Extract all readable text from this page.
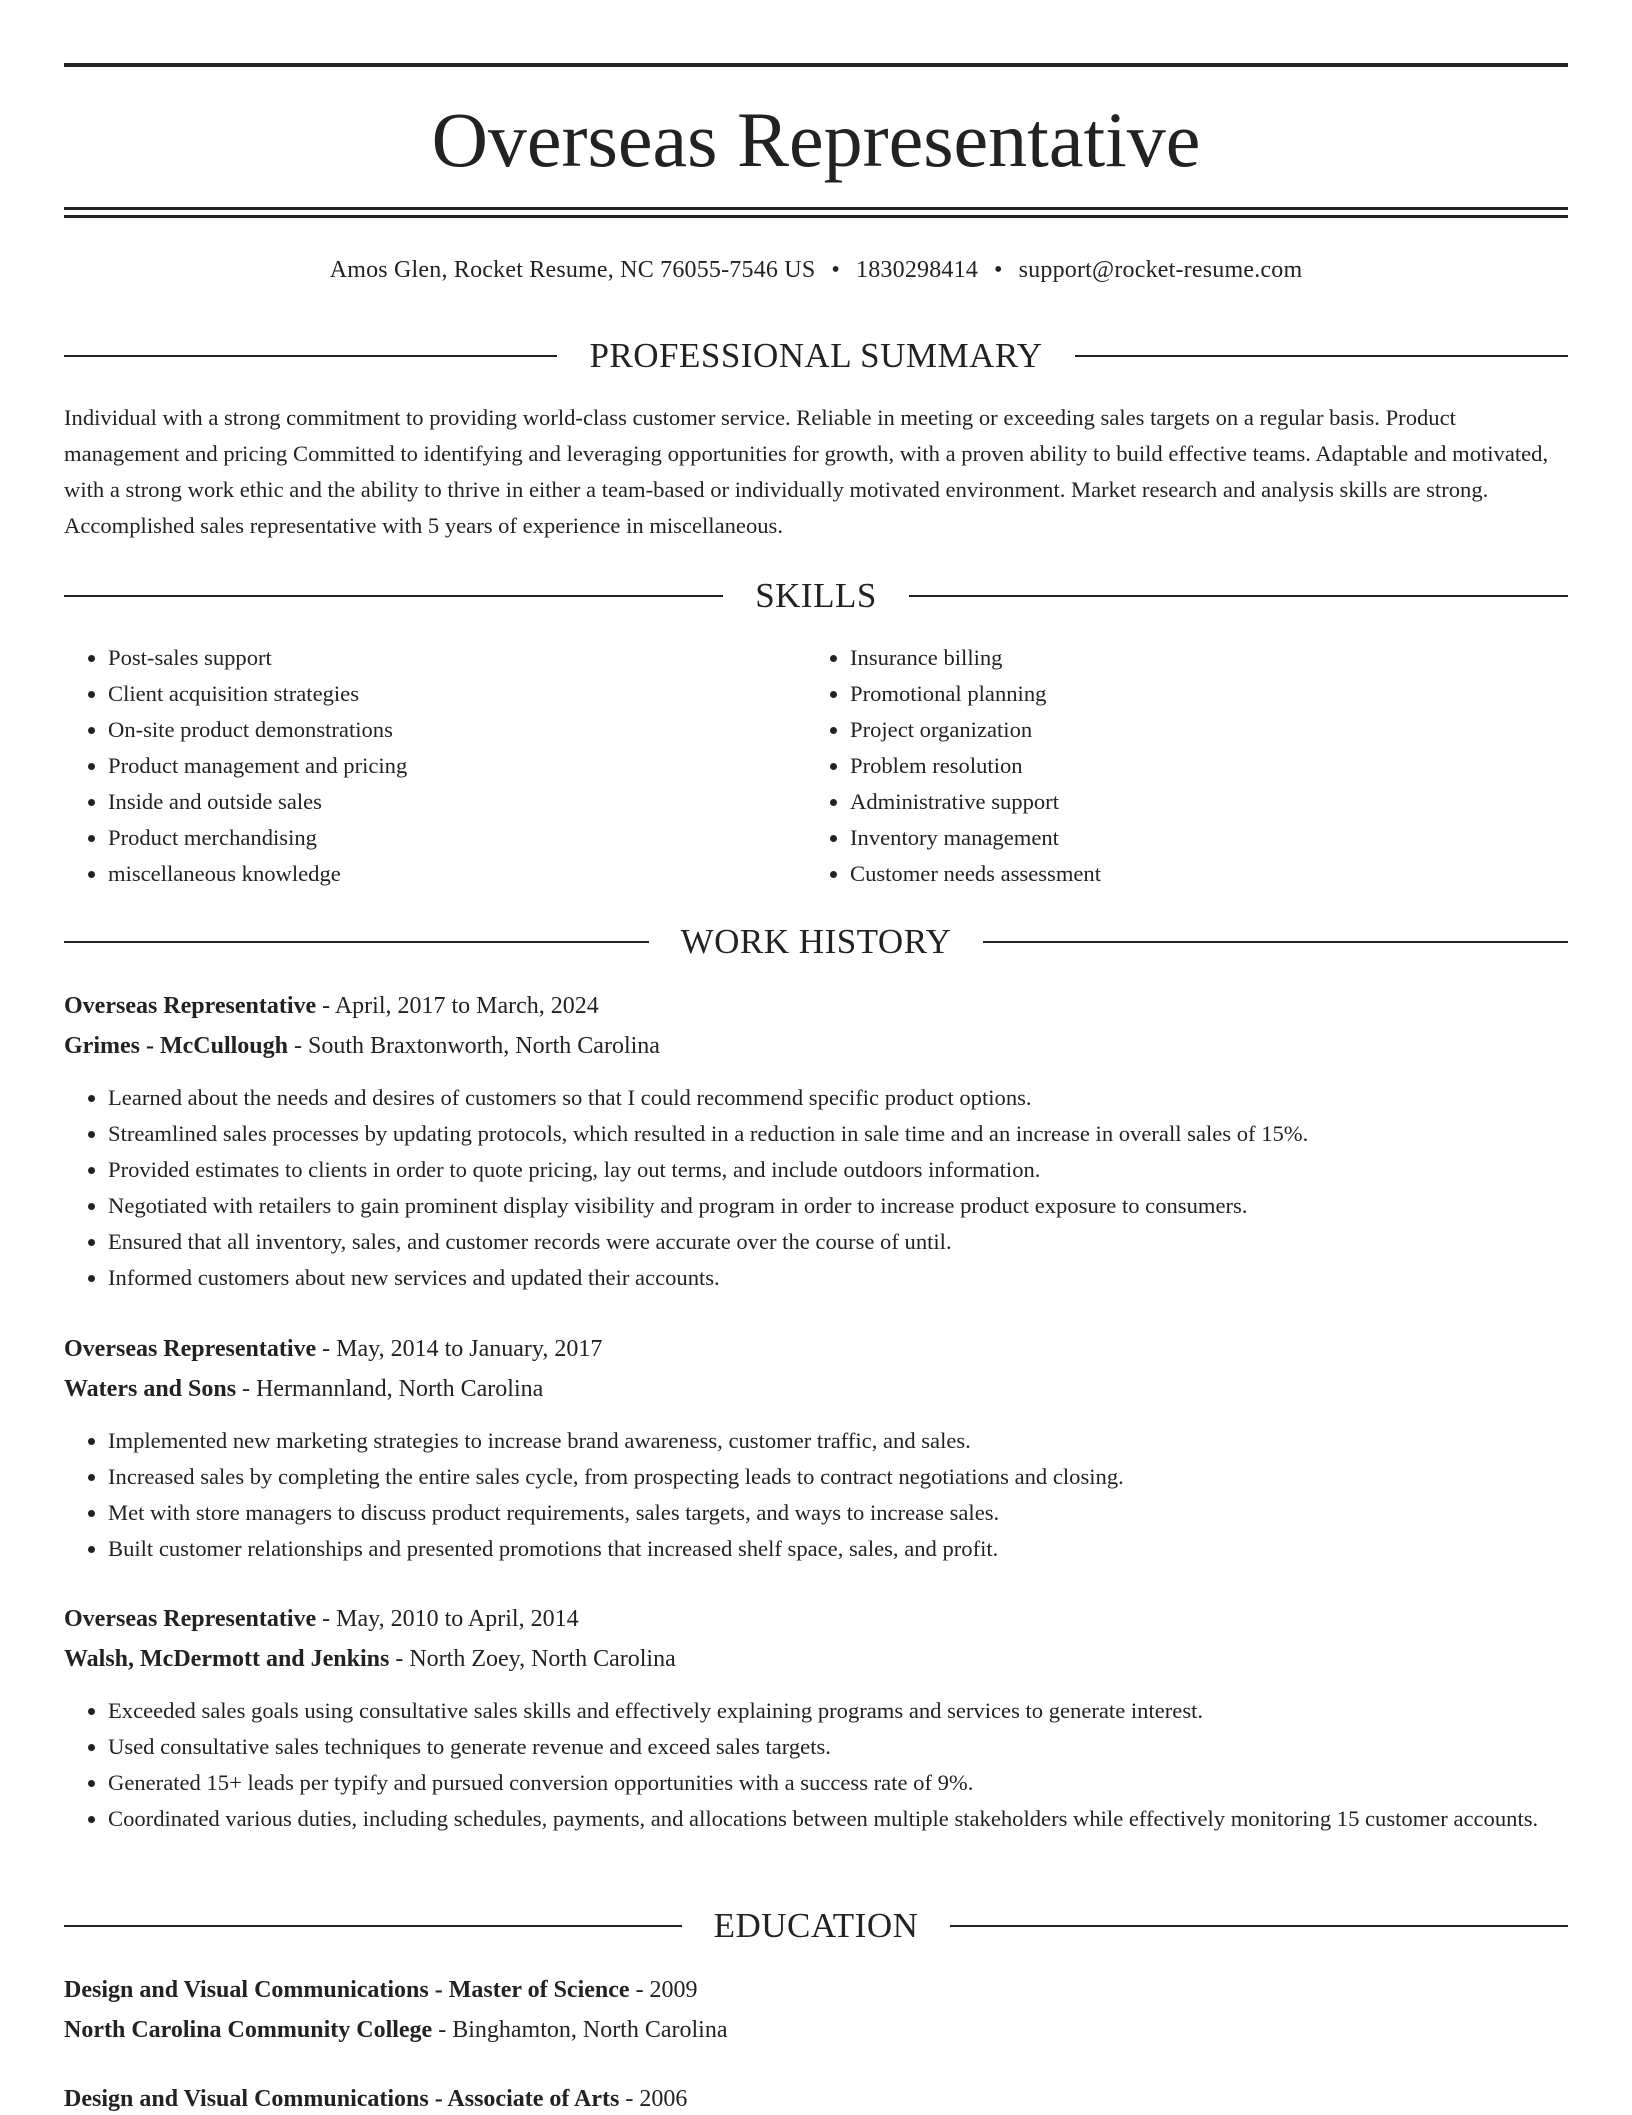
Overseas Representative
Amos Glen, Rocket Resume, NC 76055-7546 US • 1830298414 • support@rocket-resume.com
PROFESSIONAL SUMMARY
Individual with a strong commitment to providing world-class customer service. Reliable in meeting or exceeding sales targets on a regular basis. Product management and pricing Committed to identifying and leveraging opportunities for growth, with a proven ability to build effective teams. Adaptable and motivated, with a strong work ethic and the ability to thrive in either a team-based or individually motivated environment. Market research and analysis skills are strong. Accomplished sales representative with 5 years of experience in miscellaneous.
SKILLS
• Post-sales support
• Client acquisition strategies
• On-site product demonstrations
• Product management and pricing
• Inside and outside sales
• Product merchandising
• miscellaneous knowledge
• Insurance billing
• Promotional planning
• Project organization
• Problem resolution
• Administrative support
• Inventory management
• Customer needs assessment
WORK HISTORY
Overseas Representative - April, 2017 to March, 2024
Grimes - McCullough - South Braxtonworth, North Carolina
• Learned about the needs and desires of customers so that I could recommend specific product options.
• Streamlined sales processes by updating protocols, which resulted in a reduction in sale time and an increase in overall sales of 15%.
• Provided estimates to clients in order to quote pricing, lay out terms, and include outdoors information.
• Negotiated with retailers to gain prominent display visibility and program in order to increase product exposure to consumers.
• Ensured that all inventory, sales, and customer records were accurate over the course of until.
• Informed customers about new services and updated their accounts.
Overseas Representative - May, 2014 to January, 2017
Waters and Sons - Hermannland, North Carolina
• Implemented new marketing strategies to increase brand awareness, customer traffic, and sales.
• Increased sales by completing the entire sales cycle, from prospecting leads to contract negotiations and closing.
• Met with store managers to discuss product requirements, sales targets, and ways to increase sales.
• Built customer relationships and presented promotions that increased shelf space, sales, and profit.
Overseas Representative - May, 2010 to April, 2014
Walsh, McDermott and Jenkins - North Zoey, North Carolina
• Exceeded sales goals using consultative sales skills and effectively explaining programs and services to generate interest.
• Used consultative sales techniques to generate revenue and exceed sales targets.
• Generated 15+ leads per typify and pursued conversion opportunities with a success rate of 9%.
• Coordinated various duties, including schedules, payments, and allocations between multiple stakeholders while effectively monitoring 15 customer accounts.
EDUCATION
Design and Visual Communications - Master of Science - 2009
North Carolina Community College - Binghamton, North Carolina
Design and Visual Communications - Associate of Arts - 2006
